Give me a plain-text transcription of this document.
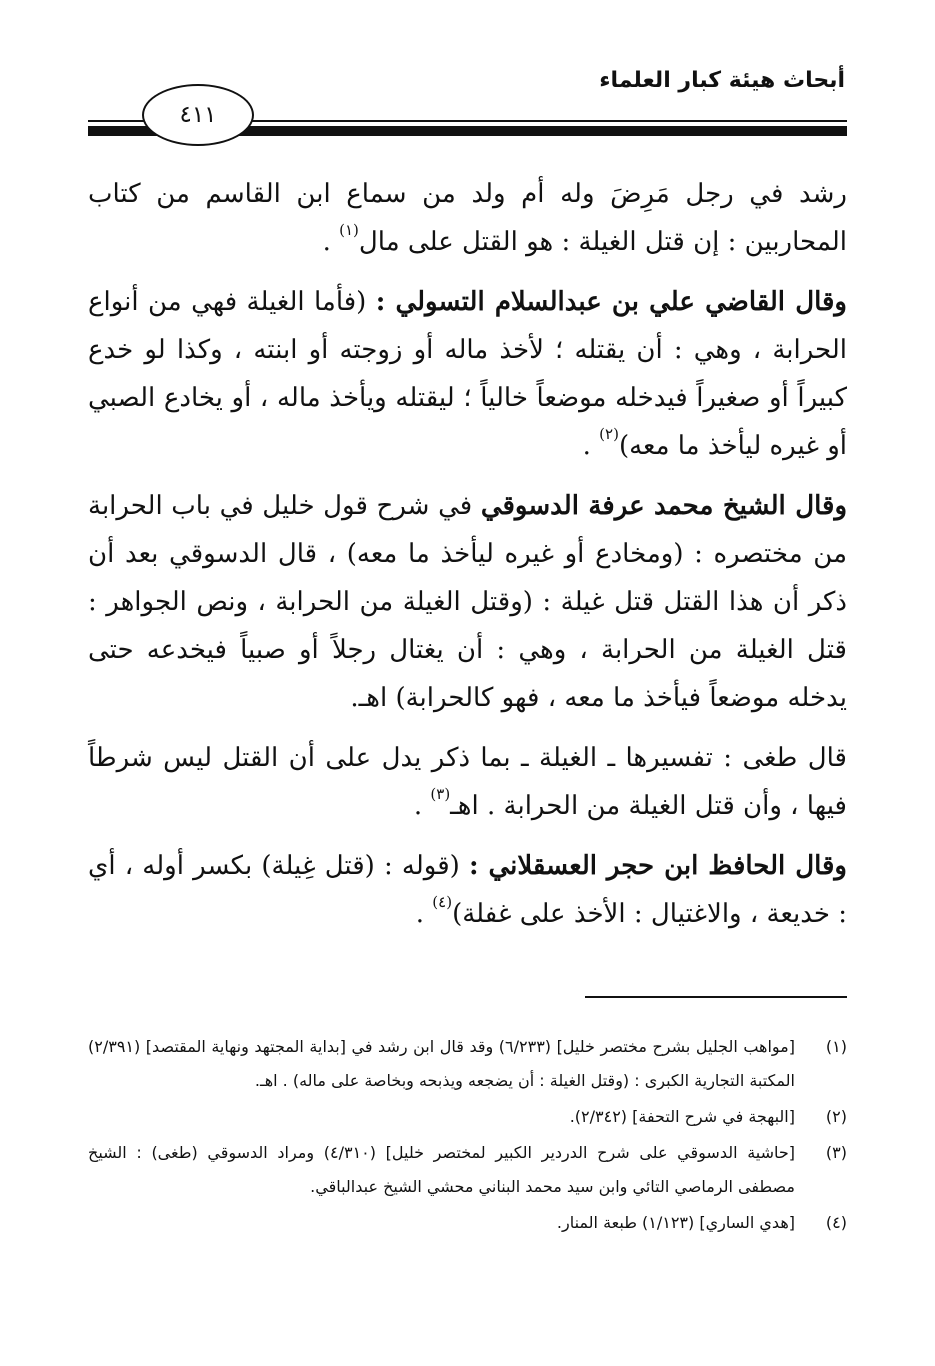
أبحاث هيئة كبار العلماء
٤١١

رشد في رجل مَرِضَ وله أم ولد من سماع ابن القاسم من كتاب المحاربين : إن قتل الغيلة : هو القتل على مال$^{(١)}$ .

وقال القاضي علي بن عبدالسلام التسولي : (فأما الغيلة فهي من أنواع الحرابة ، وهي : أن يقتله ؛ لأخذ ماله أو زوجته أو ابنته ، وكذا لو خدع كبيراً أو صغيراً فيدخله موضعاً خالياً ؛ ليقتله ويأخذ ماله ، أو يخادع الصبي أو غيره ليأخذ ما معه)$^{(٢)}$ .

وقال الشيخ محمد عرفة الدسوقي في شرح قول خليل في باب الحرابة من مختصره : (ومخادع أو غيره ليأخذ ما معه) ، قال الدسوقي بعد أن ذكر أن هذا القتل قتل غيلة : (وقتل الغيلة من الحرابة ، ونص الجواهر : قتل الغيلة من الحرابة ، وهي : أن يغتال رجلاً أو صبياً فيخدعه حتى يدخله موضعاً فيأخذ ما معه ، فهو كالحرابة) اهـ.

قال طغى : تفسيرها ـ الغيلة ـ بما ذكر يدل على أن القتل ليس شرطاً فيها ، وأن قتل الغيلة من الحرابة . اهـ$^{(٣)}$ .

وقال الحافظ ابن حجر العسقلاني : (قوله : (قتل غِيلة) بكسر أوله ، أي : خديعة ، والاغتيال : الأخذ على غفلة)$^{(٤)}$ .

(١)
[مواهب الجليل بشرح مختصر خليل] (٦/٢٣٣) وقد قال ابن رشد في [بداية المجتهد ونهاية المقتصد] (٢/٣٩١) المكتبة التجارية الكبرى : (وقتل الغيلة : أن يضجعه ويذبحه وبخاصة على ماله) . اهـ.
(٢)
[البهجة في شرح التحفة] (٢/٣٤٢).
(٣)
[حاشية الدسوقي على شرح الدردير الكبير لمختصر خليل] (٤/٣١٠) ومراد الدسوقي (طغى) : الشيخ مصطفى الرماصي التائي وابن سيد محمد البناني محشي الشيخ عبدالباقي.
(٤)
[هدي الساري] (١/١٢٣) طبعة المنار.
